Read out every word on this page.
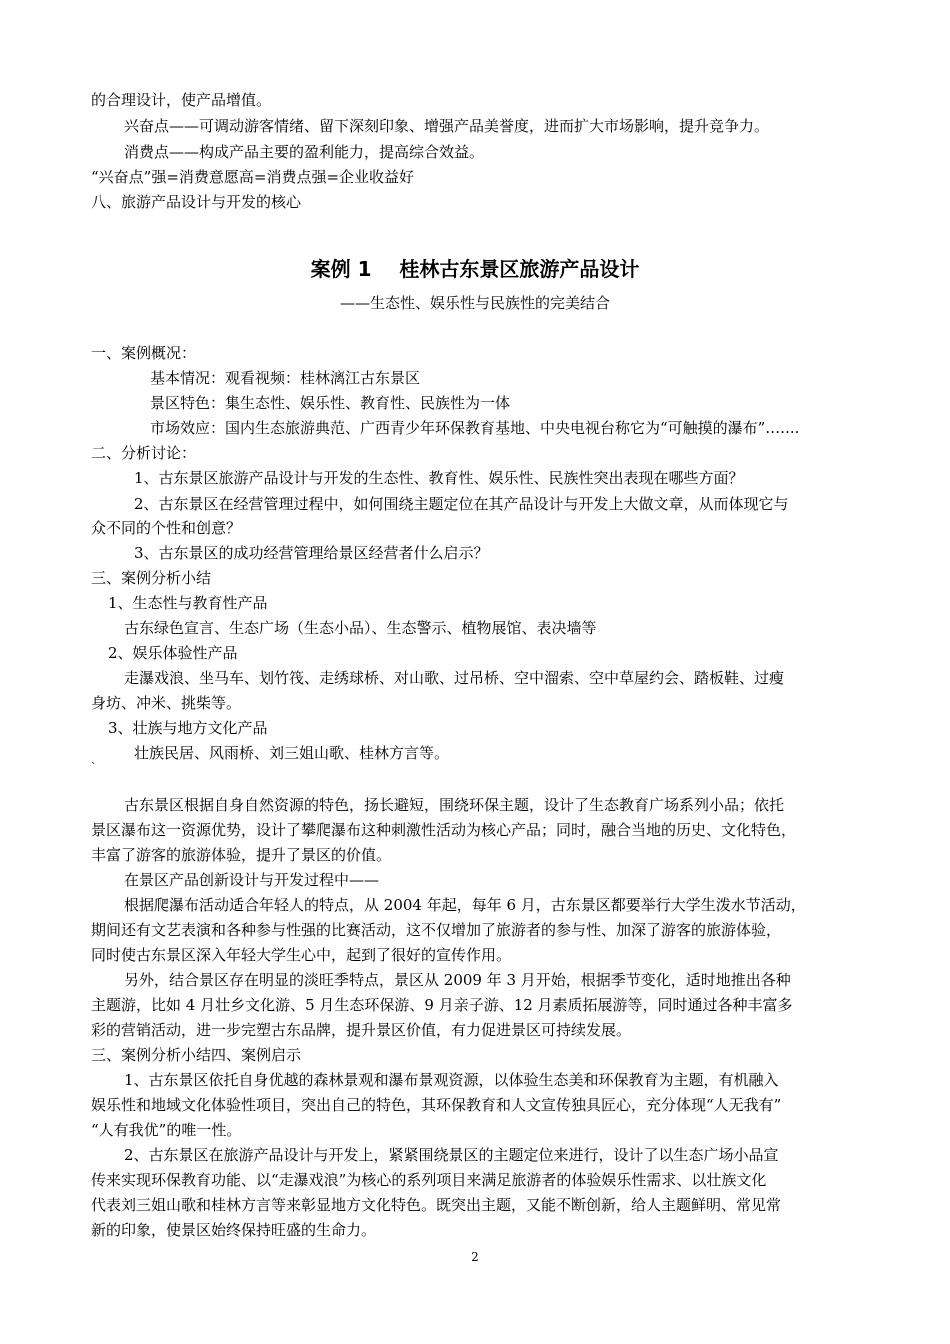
的合理设计，使产品增值。
兴奋点——可调动游客情绪、留下深刻印象、增强产品美誉度，进而扩大市场影响，提升竞争力。
消费点——构成产品主要的盈利能力，提高综合效益。
“兴奋点”强=消费意愿高=消费点强=企业收益好
八、旅游产品设计与开发的核心
案例 1    桂林古东景区旅游产品设计
——生态性、娱乐性与民族性的完美结合
一、案例概况：
基本情况：观看视频：桂林漓江古东景区
景区特色：集生态性、娱乐性、教育性、民族性为一体
市场效应：国内生态旅游典范、广西青少年环保教育基地、中央电视台称它为“可触摸的瀑布”.…...
二、分析讨论：
1、古东景区旅游产品设计与开发的生态性、教育性、娱乐性、民族性突出表现在哪些方面？
2、古东景区在经营管理过程中，如何围绕主题定位在其产品设计与开发上大做文章，从而体现它与
众不同的个性和创意？
3、古东景区的成功经营管理给景区经营者什么启示？
三、案例分析小结
1、生态性与教育性产品
古东绿色宣言、生态广场（生态小品）、生态警示、植物展馆、表决墙等
2、娱乐体验性产品
走瀑戏浪、坐马车、划竹筏、走绣球桥、对山歌、过吊桥、空中溜索、空中草屋约会、踏板鞋、过瘦
身坊、冲米、挑柴等。
3、壮族与地方文化产品
壮族民居、风雨桥、刘三姐山歌、桂林方言等。
`
古东景区根据自身自然资源的特色，扬长避短，围绕环保主题，设计了生态教育广场系列小品；依托
景区瀑布这一资源优势，设计了攀爬瀑布这种刺激性活动为核心产品；同时，融合当地的历史、文化特色，
丰富了游客的旅游体验，提升了景区的价值。
在景区产品创新设计与开发过程中——
根据爬瀑布活动适合年轻人的特点，从 2004 年起，每年 6 月，古东景区都要举行大学生泼水节活动，
期间还有文艺表演和各种参与性强的比赛活动，这不仅增加了旅游者的参与性、加深了游客的旅游体验，
同时使古东景区深入年轻大学生心中，起到了很好的宣传作用。
另外，结合景区存在明显的淡旺季特点，景区从 2009 年 3 月开始，根据季节变化，适时地推出各种
主题游，比如 4 月壮乡文化游、5 月生态环保游、9 月亲子游、12 月素质拓展游等，同时通过各种丰富多
彩的营销活动，进一步完塑古东品牌，提升景区价值，有力促进景区可持续发展。
三、案例分析小结四、案例启示
1、古东景区依托自身优越的森林景观和瀑布景观资源，以体验生态美和环保教育为主题，有机融入
娱乐性和地域文化体验性项目，突出自己的特色，其环保教育和人文宣传独具匠心，充分体现“人无我有”
“人有我优”的唯一性。
2、古东景区在旅游产品设计与开发上，紧紧围绕景区的主题定位来进行，设计了以生态广场小品宣
传来实现环保教育功能、以“走瀑戏浪”为核心的系列项目来满足旅游者的体验娱乐性需求、以壮族文化
代表刘三姐山歌和桂林方言等来彰显地方文化特色。既突出主题，又能不断创新，给人主题鲜明、常见常
新的印象，使景区始终保持旺盛的生命力。
2
